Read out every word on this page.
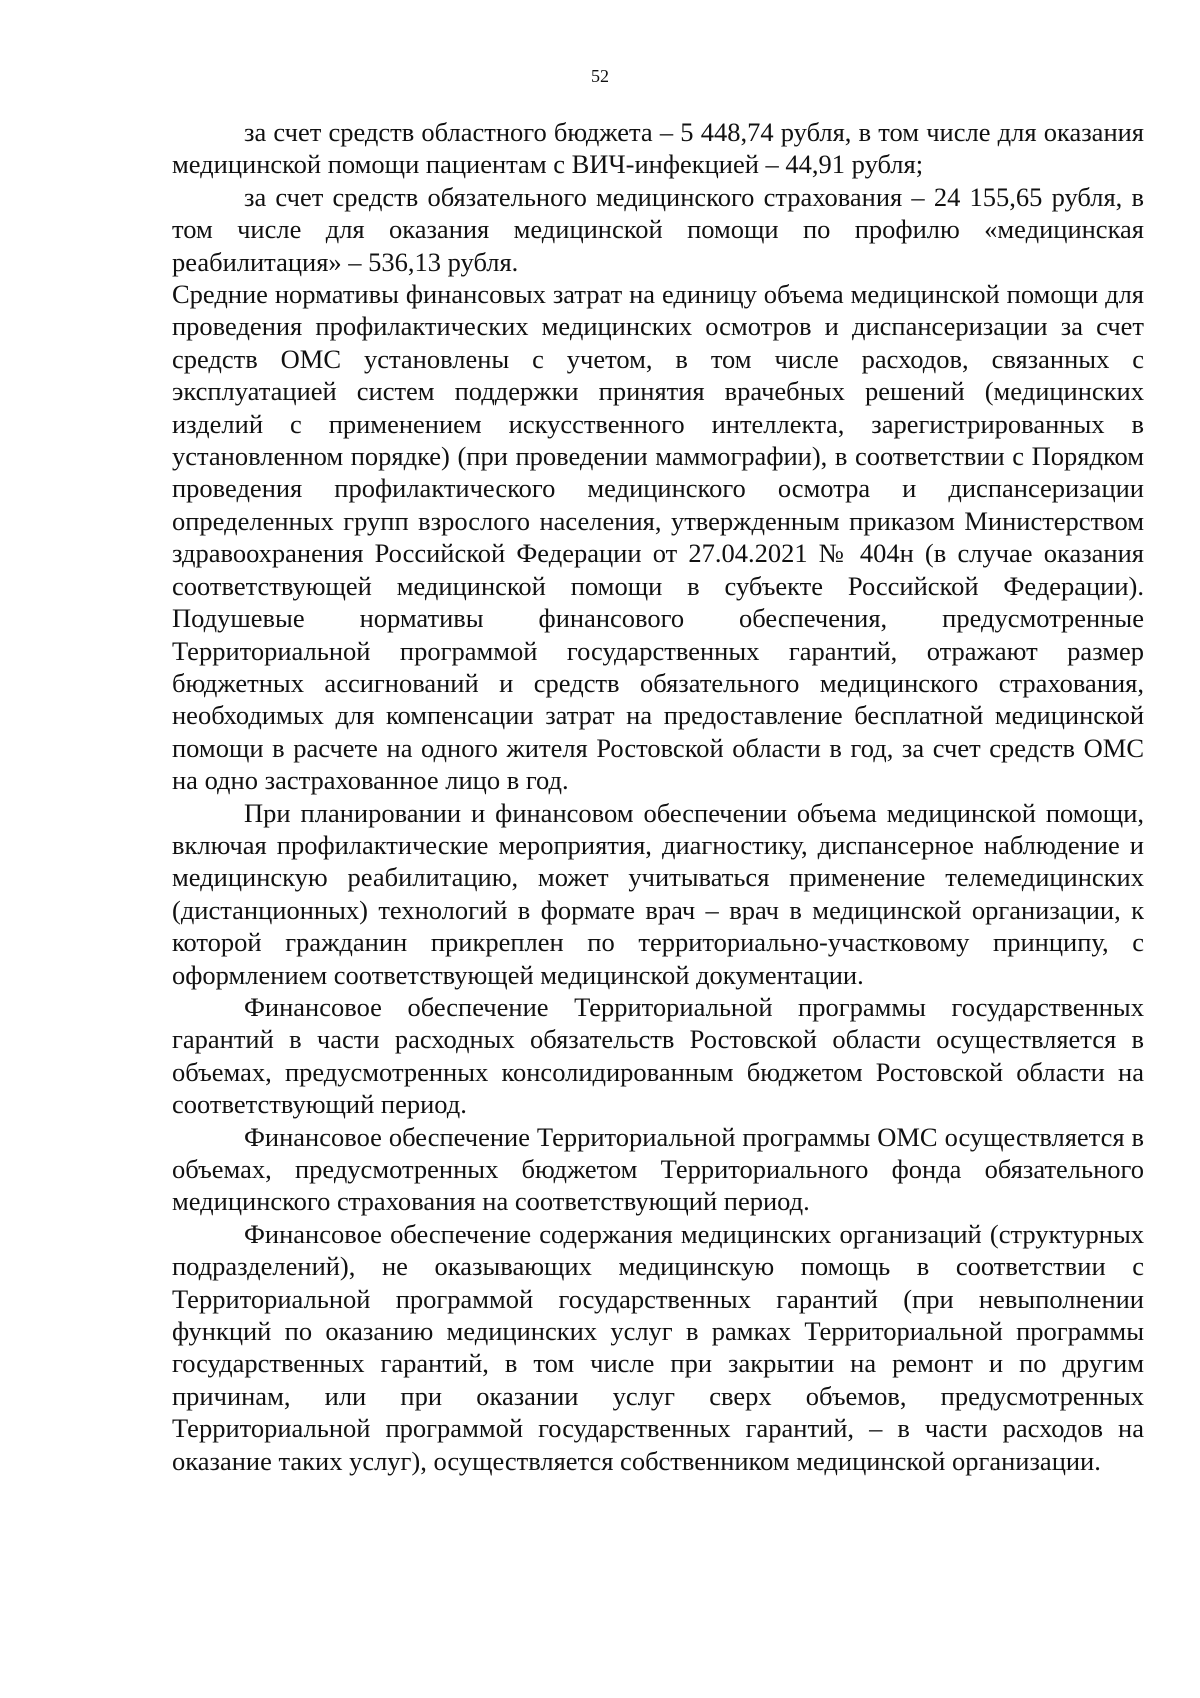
52

за счет средств областного бюджета – 5 448,74 рубля, в том числе для оказания медицинской помощи пациентам с ВИЧ-инфекцией – 44,91 рубля;

за счет средств обязательного медицинского страхования – 24 155,65 рубля, в том числе для оказания медицинской помощи по профилю «медицинская реабилитация» – 536,13 рубля.

Средние нормативы финансовых затрат на единицу объема медицинской помощи для проведения профилактических медицинских осмотров и диспансеризации за счет средств ОМС установлены с учетом, в том числе расходов, связанных с эксплуатацией систем поддержки принятия врачебных решений (медицинских изделий с применением искусственного интеллекта, зарегистрированных в установленном порядке) (при проведении маммографии), в соответствии с Порядком проведения профилактического медицинского осмотра и диспансеризации определенных групп взрослого населения, утвержденным приказом Министерством здравоохранения Российской Федерации от 27.04.2021 № 404н (в случае оказания соответствующей медицинской помощи в субъекте Российской Федерации). Подушевые нормативы финансового обеспечения, предусмотренные Территориальной программой государственных гарантий, отражают размер бюджетных ассигнований и средств обязательного медицинского страхования, необходимых для компенсации затрат на предоставление бесплатной медицинской помощи в расчете на одного жителя Ростовской области в год, за счет средств ОМС на одно застрахованное лицо в год.

При планировании и финансовом обеспечении объема медицинской помощи, включая профилактические мероприятия, диагностику, диспансерное наблюдение и медицинскую реабилитацию, может учитываться применение телемедицинских (дистанционных) технологий в формате врач – врач в медицинской организации, к которой гражданин прикреплен по территориально-участковому принципу, с оформлением соответствующей медицинской документации.

Финансовое обеспечение Территориальной программы государственных гарантий в части расходных обязательств Ростовской области осуществляется в объемах, предусмотренных консолидированным бюджетом Ростовской области на соответствующий период.

Финансовое обеспечение Территориальной программы ОМС осуществляется в объемах, предусмотренных бюджетом Территориального фонда обязательного медицинского страхования на соответствующий период.

Финансовое обеспечение содержания медицинских организаций (структурных подразделений), не оказывающих медицинскую помощь в соответствии с Территориальной программой государственных гарантий (при невыполнении функций по оказанию медицинских услуг в рамках Территориальной программы государственных гарантий, в том числе при закрытии на ремонт и по другим причинам, или при оказании услуг сверх объемов, предусмотренных Территориальной программой государственных гарантий, – в части расходов на оказание таких услуг), осуществляется собственником медицинской организации.
